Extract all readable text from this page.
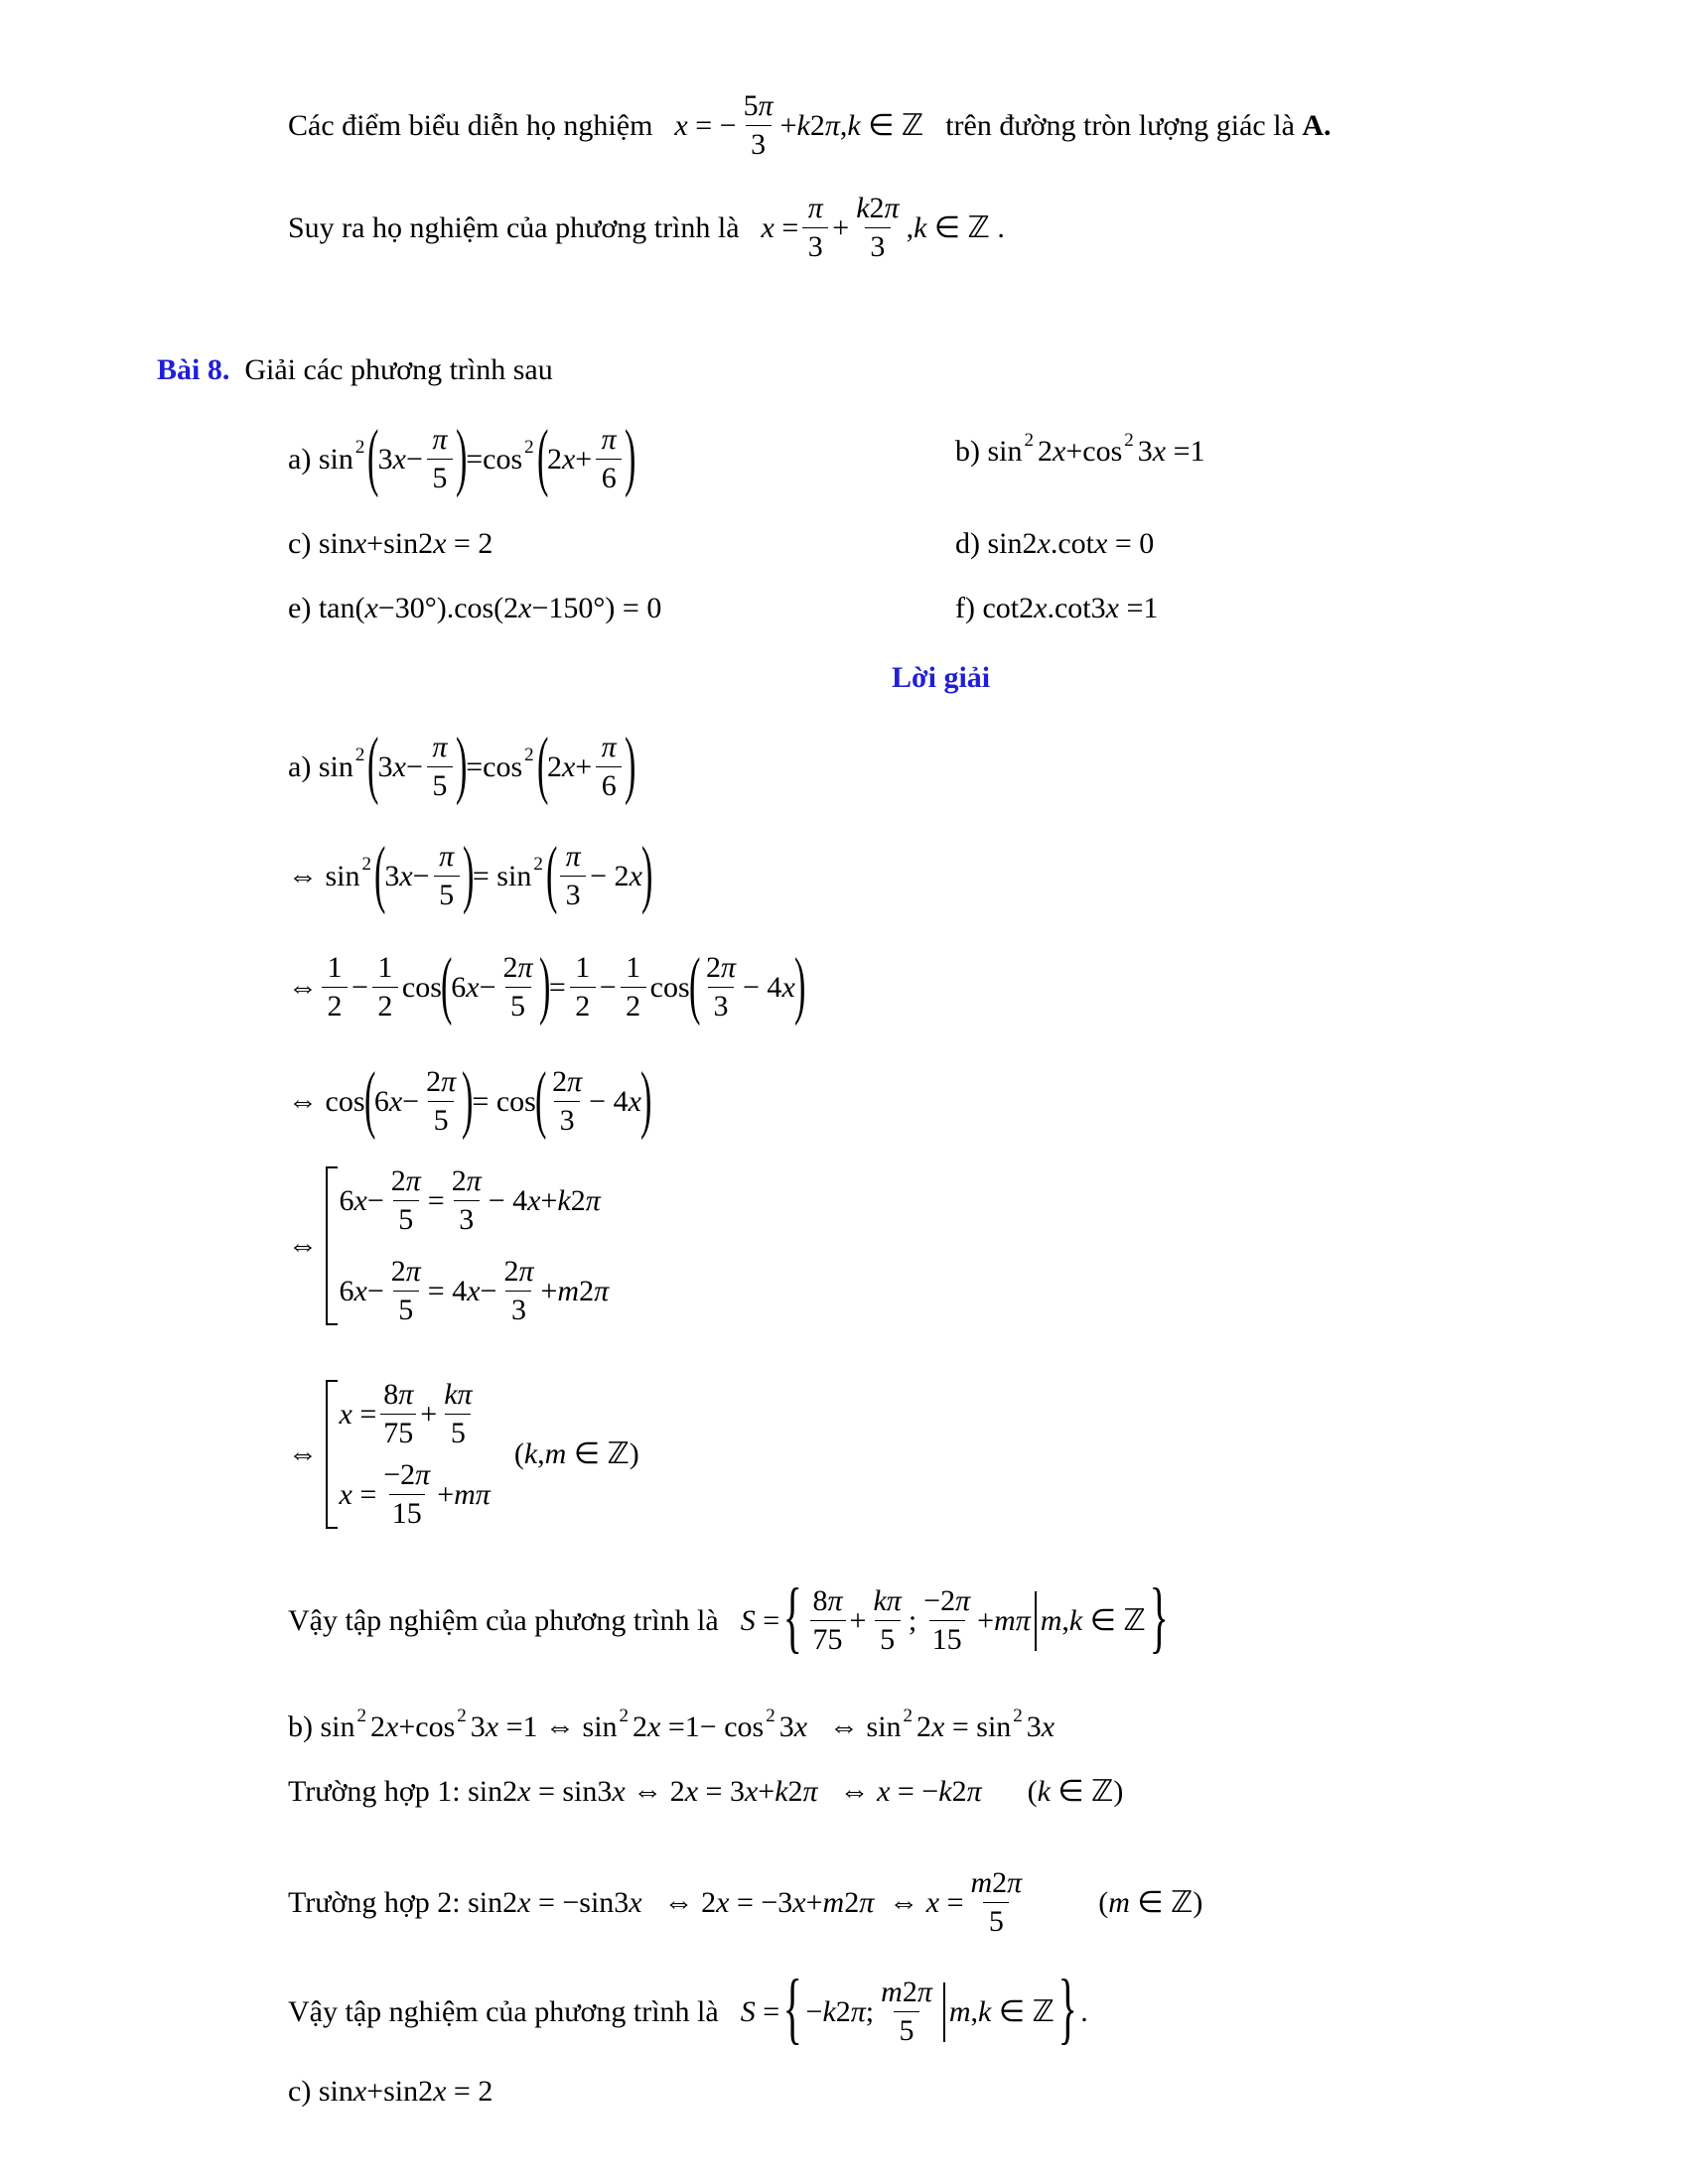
Các điểm biểu diễn họ nghiệm x = − $\frac{5\pi}{3} + k$ 2 π , k ∈ ℤ trên đường tròn lượng giác là
A.
Suy ra họ nghiệm của phương trình là $x = \frac{\pi}{3} + \frac{k2\pi}{3}$ , k ∈ ℤ .
Bài 8.
Giải các phương trình sau
a) sin 2 (
3 $x - \frac{\pi}{5}$ )
=cos 2 (
2 $x + \frac{\pi}{6}$ )	b) sin 2 2 x +cos 2 3 x =1
c) sin x +sin2 x = 2	d) sin2 x .cot x = 0
e) tan( x −30°).cos(2 x −150°) = 0	f) cot2 x .cot3 x =1
Lời giải
a) sin 2 (
3 $x - \frac{\pi}{5}$ )
=cos 2 (
2 $x + \frac{\pi}{6}$ )
⇔ sin 2 (
3 $x - \frac{\pi}{5}$ )
= sin 2 ( $\frac{\pi}{3} - 2$ x
)
⇔ $\frac{1}{2} - \frac{1}{2}$ cos
(
6 $x - \frac{2\pi}{5}$ )
= $\frac{1}{2} - \frac{1}{2}$ cos
( $\frac{2\pi}{3} - 4$ x
)
⇔ cos
(
6 $x - \frac{2\pi}{5}$ )
= cos
( $\frac{2\pi}{3} - 4$ x
)
⇔
6 $x - \frac{2\pi}{5} = \frac{2\pi}{3} - 4$ x + k 2 π
6 $x - \frac{2\pi}{5} = 4$ $x - \frac{2\pi}{3} + m$ 2 π
⇔
$x = \frac{8\pi}{75} + \frac{k\pi}{5}$
$x = \frac{-2\pi}{15} + m\pi$
( k , m ∈ ℤ)
Vậy tập nghiệm của phương trình là S = { $\frac{8\pi}{75} + \frac{k\pi}{5}$ ; $\frac{-2\pi}{15} + m\pi$ m , k ∈ ℤ }
b) sin 2 2 x +cos 2 3 x =1 ⇔ sin 2 2 x =1− cos 2 3 x ⇔ sin 2 2 x = sin 2 3 x
Trường hợp 1: sin2 x = sin3 x ⇔ 2 x = 3 x + k 2 π ⇔ x = − k 2 π ( k ∈ ℤ)
Trường hợp 2: sin2 x = −sin3 x ⇔ 2 x = −3 x + m 2 π ⇔ $x = \frac{m2\pi}{5}$ ( m ∈ ℤ)
Vậy tập nghiệm của phương trình là S = { − k 2 π ; $\frac{m2\pi}{5}$ m , k ∈ ℤ } .
c) sin x +sin2 x = 2
